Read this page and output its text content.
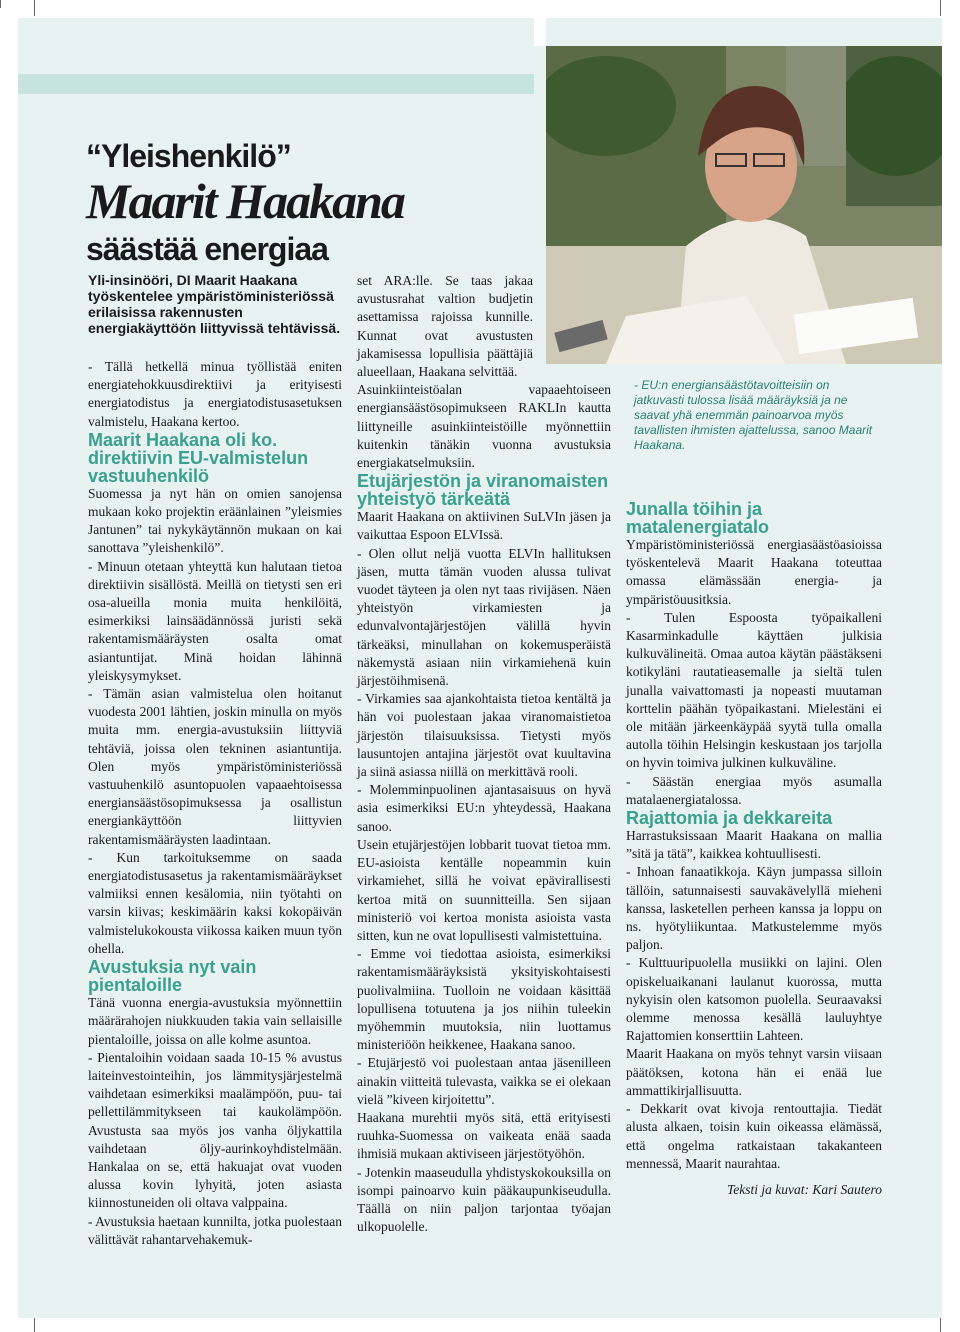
“Yleishenkilö”
Maarit Haakana
säästää energiaa

Yli-insinööri, DI Maarit Haakana työskentelee ympäristöministeriössä erilaisissa rakennusten energiakäyttöön liittyvissä tehtävissä.

- Tällä hetkellä minua työllistää eniten energiatehokkuusdirektiivi ja erityisesti energiatodistus ja energiatodistusasetuksen valmistelu, Haakana kertoo.

Maarit Haakana oli ko. direktiivin EU-valmistelun vastuuhenkilö

Suomessa ja nyt hän on omien sanojensa mukaan koko projektin eräänlainen ”yleismies Jantunen” tai nykykäytännön mukaan on kai sanottava ”yleishenkilö”.

- Minuun otetaan yhteyttä kun halutaan tietoa direktiivin sisällöstä. Meillä on tietysti sen eri osa-alueilla monia muita henkilöitä, esimerkiksi lainsäädännössä juristi sekä rakentamismääräysten osalta omat asiantuntijat. Minä hoidan lähinnä yleiskysymykset.

- Tämän asian valmistelua olen hoitanut vuodesta 2001 lähtien, joskin minulla on myös muita mm. energia-avustuksiin liittyviä tehtäviä, joissa olen tekninen asiantuntija. Olen myös ympäristöministeriössä vastuuhenkilö asuntopuolen vapaaehtoisessa energiansäästösopimuksessa ja osallistun energiankäyttöön liittyvien rakentamismääräysten laadintaan.

- Kun tarkoituksemme on saada energiatodistusasetus ja rakentamismääräykset valmiiksi ennen kesälomia, niin työtahti on varsin kiivas; keskimäärin kaksi kokopäivän valmistelukokousta viikossa kaiken muun työn ohella.

Avustuksia nyt vain pientaloille

Tänä vuonna energia-avustuksia myönnettiin määrärahojen niukkuuden takia vain sellaisille pientaloille, joissa on alle kolme asuntoa.

- Pientaloihin voidaan saada 10-15 % avustus laiteinvestointeihin, jos lämmitysjärjestelmä vaihdetaan esimerkiksi maalämpöön, puu- tai pellettilämmitykseen tai kaukolämpöön. Avustusta saa myös jos vanha öljykattila vaihdetaan öljy-aurinkoyhdistelmään. Hankalaa on se, että hakuajat ovat vuoden alussa kovin lyhyitä, joten asiasta kiinnostuneiden oli oltava valppaina.

- Avustuksia haetaan kunnilta, jotka puolestaan välittävät rahantarvehakemuk-

set ARA:lle. Se taas jakaa avustusrahat valtion budjetin asettamissa rajoissa kunnille. Kunnat ovat avustusten jakamisessa lopullisia päättäjiä alueellaan, Haakana selvittää.

Asuinkiinteistöalan vapaaehtoiseen energiansäästösopimukseen RAKLIn kautta liittyneille asuinkiinteistöille myönnettiin kuitenkin tänäkin vuonna avustuksia energiakatselmuksiin.

Etujärjestön ja viranomaisten yhteistyö tärkeätä

Maarit Haakana on aktiivinen SuLVIn jäsen ja vaikuttaa Espoon ELVIssä.

- Olen ollut neljä vuotta ELVIn hallituksen jäsen, mutta tämän vuoden alussa tulivat vuodet täyteen ja olen nyt taas rivijäsen. Näen yhteistyön virkamiesten ja edunvalvontajärjestöjen välillä hyvin tärkeäksi, minullahan on kokemusperäistä näkemystä asiaan niin virkamiehenä kuin järjestöihmisenä.

- Virkamies saa ajankohtaista tietoa kentältä ja hän voi puolestaan jakaa viranomaistietoa järjestön tilaisuuksissa. Tietysti myös lausuntojen antajina järjestöt ovat kuultavina ja siinä asiassa niillä on merkittävä rooli.

- Molemminpuolinen ajantasaisuus on hyvä asia esimerkiksi EU:n yhteydessä, Haakana sanoo.

Usein etujärjestöjen lobbarit tuovat tietoa mm. EU-asioista kentälle nopeammin kuin virkamiehet, sillä he voivat epävirallisesti kertoa mitä on suunnitteilla. Sen sijaan ministeriö voi kertoa monista asioista vasta sitten, kun ne ovat lopullisesti valmistettuina.

- Emme voi tiedottaa asioista, esimerkiksi rakentamismääräyksistä yksityiskohtaisesti puolivalmiina. Tuolloin ne voidaan käsittää lopullisena totuutena ja jos niihin tuleekin myöhemmin muutoksia, niin luottamus ministeriöön heikkenee, Haakana sanoo.

- Etujärjestö voi puolestaan antaa jäsenilleen ainakin viitteitä tulevasta, vaikka se ei olekaan vielä ”kiveen kirjoitettu”.

Haakana murehtii myös sitä, että erityisesti ruuhka-Suomessa on vaikeata enää saada ihmisiä mukaan aktiviseen järjestötyöhön.

- Jotenkin maaseudulla yhdistyskokouksilla on isompi painoarvo kuin pääkaupunkiseudulla. Täällä on niin paljon tarjontaa työajan ulkopuolelle.

- EU:n energiansäästötavoitteisiin on jatkuvasti tulossa lisää määräyksiä ja ne saavat yhä enemmän painoarvoa myös tavallisten ihmisten ajattelussa, sanoo Maarit Haakana.

Junalla töihin ja matalenergiatalo

Ympäristöministeriössä energiasäästöasioissa työskentelevä Maarit Haakana toteuttaa omassa elämässään energia- ja ympäristöuusitksia.

- Tulen Espoosta työpaikalleni Kasarminkadulle käyttäen julkisia kulkuvälineitä. Omaa autoa käytän päästäkseni kotikyläni rautatieasemalle ja sieltä tulen junalla vaivattomasti ja nopeasti muutaman korttelin päähän työpaikastani. Mielestäni ei ole mitään järkeenkäypää syytä tulla omalla autolla töihin Helsingin keskustaan jos tarjolla on hyvin toimiva julkinen kulkuväline.

- Säästän energiaa myös asumalla matalaenergiatalossa.

Rajattomia ja dekkareita

Harrastuksissaan Maarit Haakana on mallia ”sitä ja tätä”, kaikkea kohtuullisesti.

- Inhoan fanaatikkoja. Käyn jumpassa silloin tällöin, satunnaisesti sauvakävelyllä mieheni kanssa, lasketellen perheen kanssa ja loppu on ns. hyötyliikuntaa. Matkustelemme myös paljon.

- Kulttuuripuolella musiikki on lajini. Olen opiskeluaikanani laulanut kuorossa, mutta nykyisin olen katsomon puolella. Seuraavaksi olemme menossa kesällä lauluyhtye Rajattomien konserttiin Lahteen.

Maarit Haakana on myös tehnyt varsin viisaan päätöksen, kotona hän ei enää lue ammattikirjallisuutta.

- Dekkarit ovat kivoja rentouttajia. Tiedät alusta alkaen, toisin kuin oikeassa elämässä, että ongelma ratkaistaan takakanteen mennessä, Maarit naurahtaa.

Teksti ja kuvat: Kari Sautero
